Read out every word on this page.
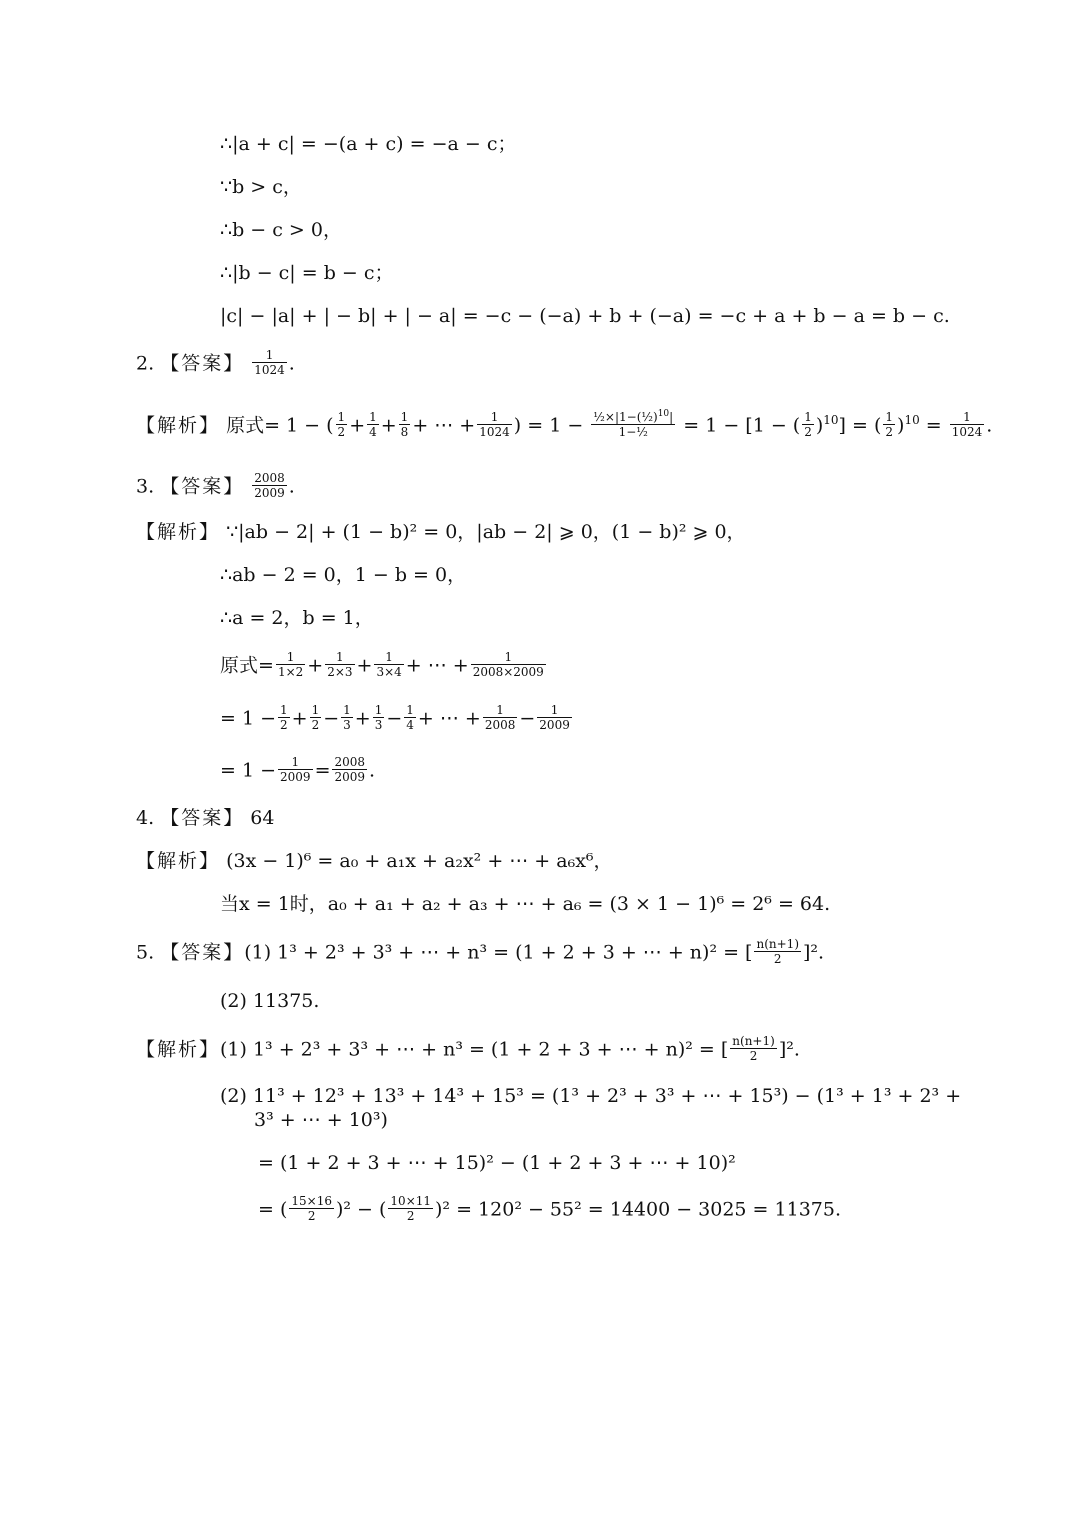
∴|a + c| = −(a + c) = −a − c；
∵b > c，
∴b − c > 0，
∴|b − c| = b − c；
|c| − |a| + | − b| + | − a| = −c − (−a) + b + (−a) = −c + a + b − a = b − c.
2. 【答案】 $\frac{1}{1024}$ .
【解析】 原式= 1 − ( $\frac{1}{2} + \frac{1}{4} + \frac{1}{8}$ + ⋯ + $\frac{1}{1024}$ ) = $1 - \frac{\frac{1}{2}\times|1-(\frac{1}{2})^{10}|}{\text{1−½}} = 1 - [1$ − ( $\frac{1}{2} )^{10}$] = ( $\frac{1}{2} )^{10} = \frac{1}{1024}$ .
3. 【答案】 $\frac{2008}{2009}$ .
【解析】 ∵|ab − 2| + (1 − b)² = 0，|ab − 2| ⩾ 0，(1 − b)² ⩾ 0，
∴ab − 2 = 0，1 − b = 0，
∴a = 2，b = 1，
原式= $\frac{1}{1\times 2} + \frac{1}{2\times 3} + \frac{1}{3\times 4}$ + ⋯ + $\frac{1}{2008\times 2009}$
= $1 - \frac{1}{2} + \frac{1}{2} - \frac{1}{3} + \frac{1}{3} - \frac{1}{4}$ + ⋯ + $\frac{1}{2008} - \frac{1}{2009}$
= $1 - \frac{1}{2009} = \frac{2008}{2009}$ .
4. 【答案】 64
【解析】 (3x − 1)⁶ = a₀ + a₁x + a₂x² + ⋯ + a₆x⁶，
当x = 1时，a₀ + a₁ + a₂ + a₃ + ⋯ + a₆ = (3 × 1 − 1)⁶ = 2⁶ = 64.
5. 【答案】(1) 1³ + 2³ + 3³ + ⋯ + n³ = (1 + 2 + 3 + ⋯ + n)² = [ $\frac{n(n+1)}{2} ]^2$.
(2) 11375.
【解析】(1) 1³ + 2³ + 3³ + ⋯ + n³ = (1 + 2 + 3 + ⋯ + n)² = [ $\frac{n(n+1)}{2} ]^2$.
(2) 11³ + 12³ + 13³ + 14³ + 15³ = (1³ + 2³ + 3³ + ⋯ + 15³) − (1³ + 1³ + 2³ +
3³ + ⋯ + 10³)
= (1 + 2 + 3 + ⋯ + 15)² − (1 + 2 + 3 + ⋯ + 10)²
= ( $\frac{15\times 16}{2} )^2$ − ( $\frac{10\times 11}{2} )^2 = 120^2 - 55^2 = 14400 - 3025 = 11375$.
